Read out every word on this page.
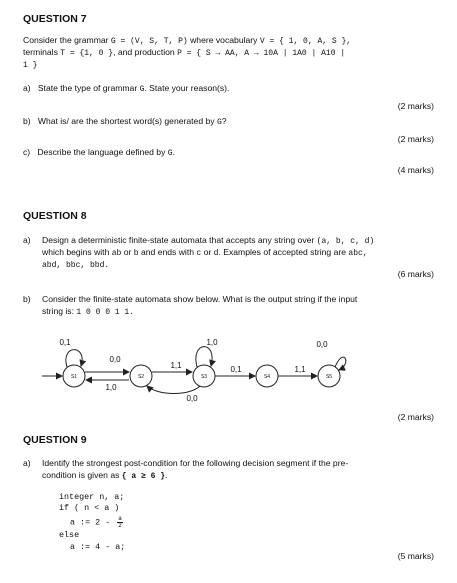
QUESTION 7
Consider the grammar G = (V, S, T, P) where vocabulary V = { 1, 0, A, S },
terminals T = {1, 0 }, and production P = { S → AA, A → 10A | 1A0 | A10 |
1 }
a) State the type of grammar G. State your reason(s).
(2 marks)
b) What is/ are the shortest word(s) generated by G?
(2 marks)
c) Describe the language defined by G.
(4 marks)
QUESTION 8
a) Design a deterministic finite-state automata that accepts any string over (a, b, c, d)
which begins with ab or b and ends with c or d. Examples of accepted string are abc,
abd, bbc, bbd.
(6 marks)
b) Consider the finite-state automata show below. What is the output string if the input
string is: 1 0 0 0 1 1.
S1	S2	S3	S4	S5
0,1
0,0
1,0
1,1
1,0
0,0
0,1	1,1
0,0
(2 marks)
QUESTION 9
a) Identify the strongest post-condition for the following decision segment if the pre-
condition is given as { a ≥ 6 }.
integer n, a;
if ( n < a )
a := $2 - \frac{a}{2}$
else
a := 4 - a;
(5 marks)
